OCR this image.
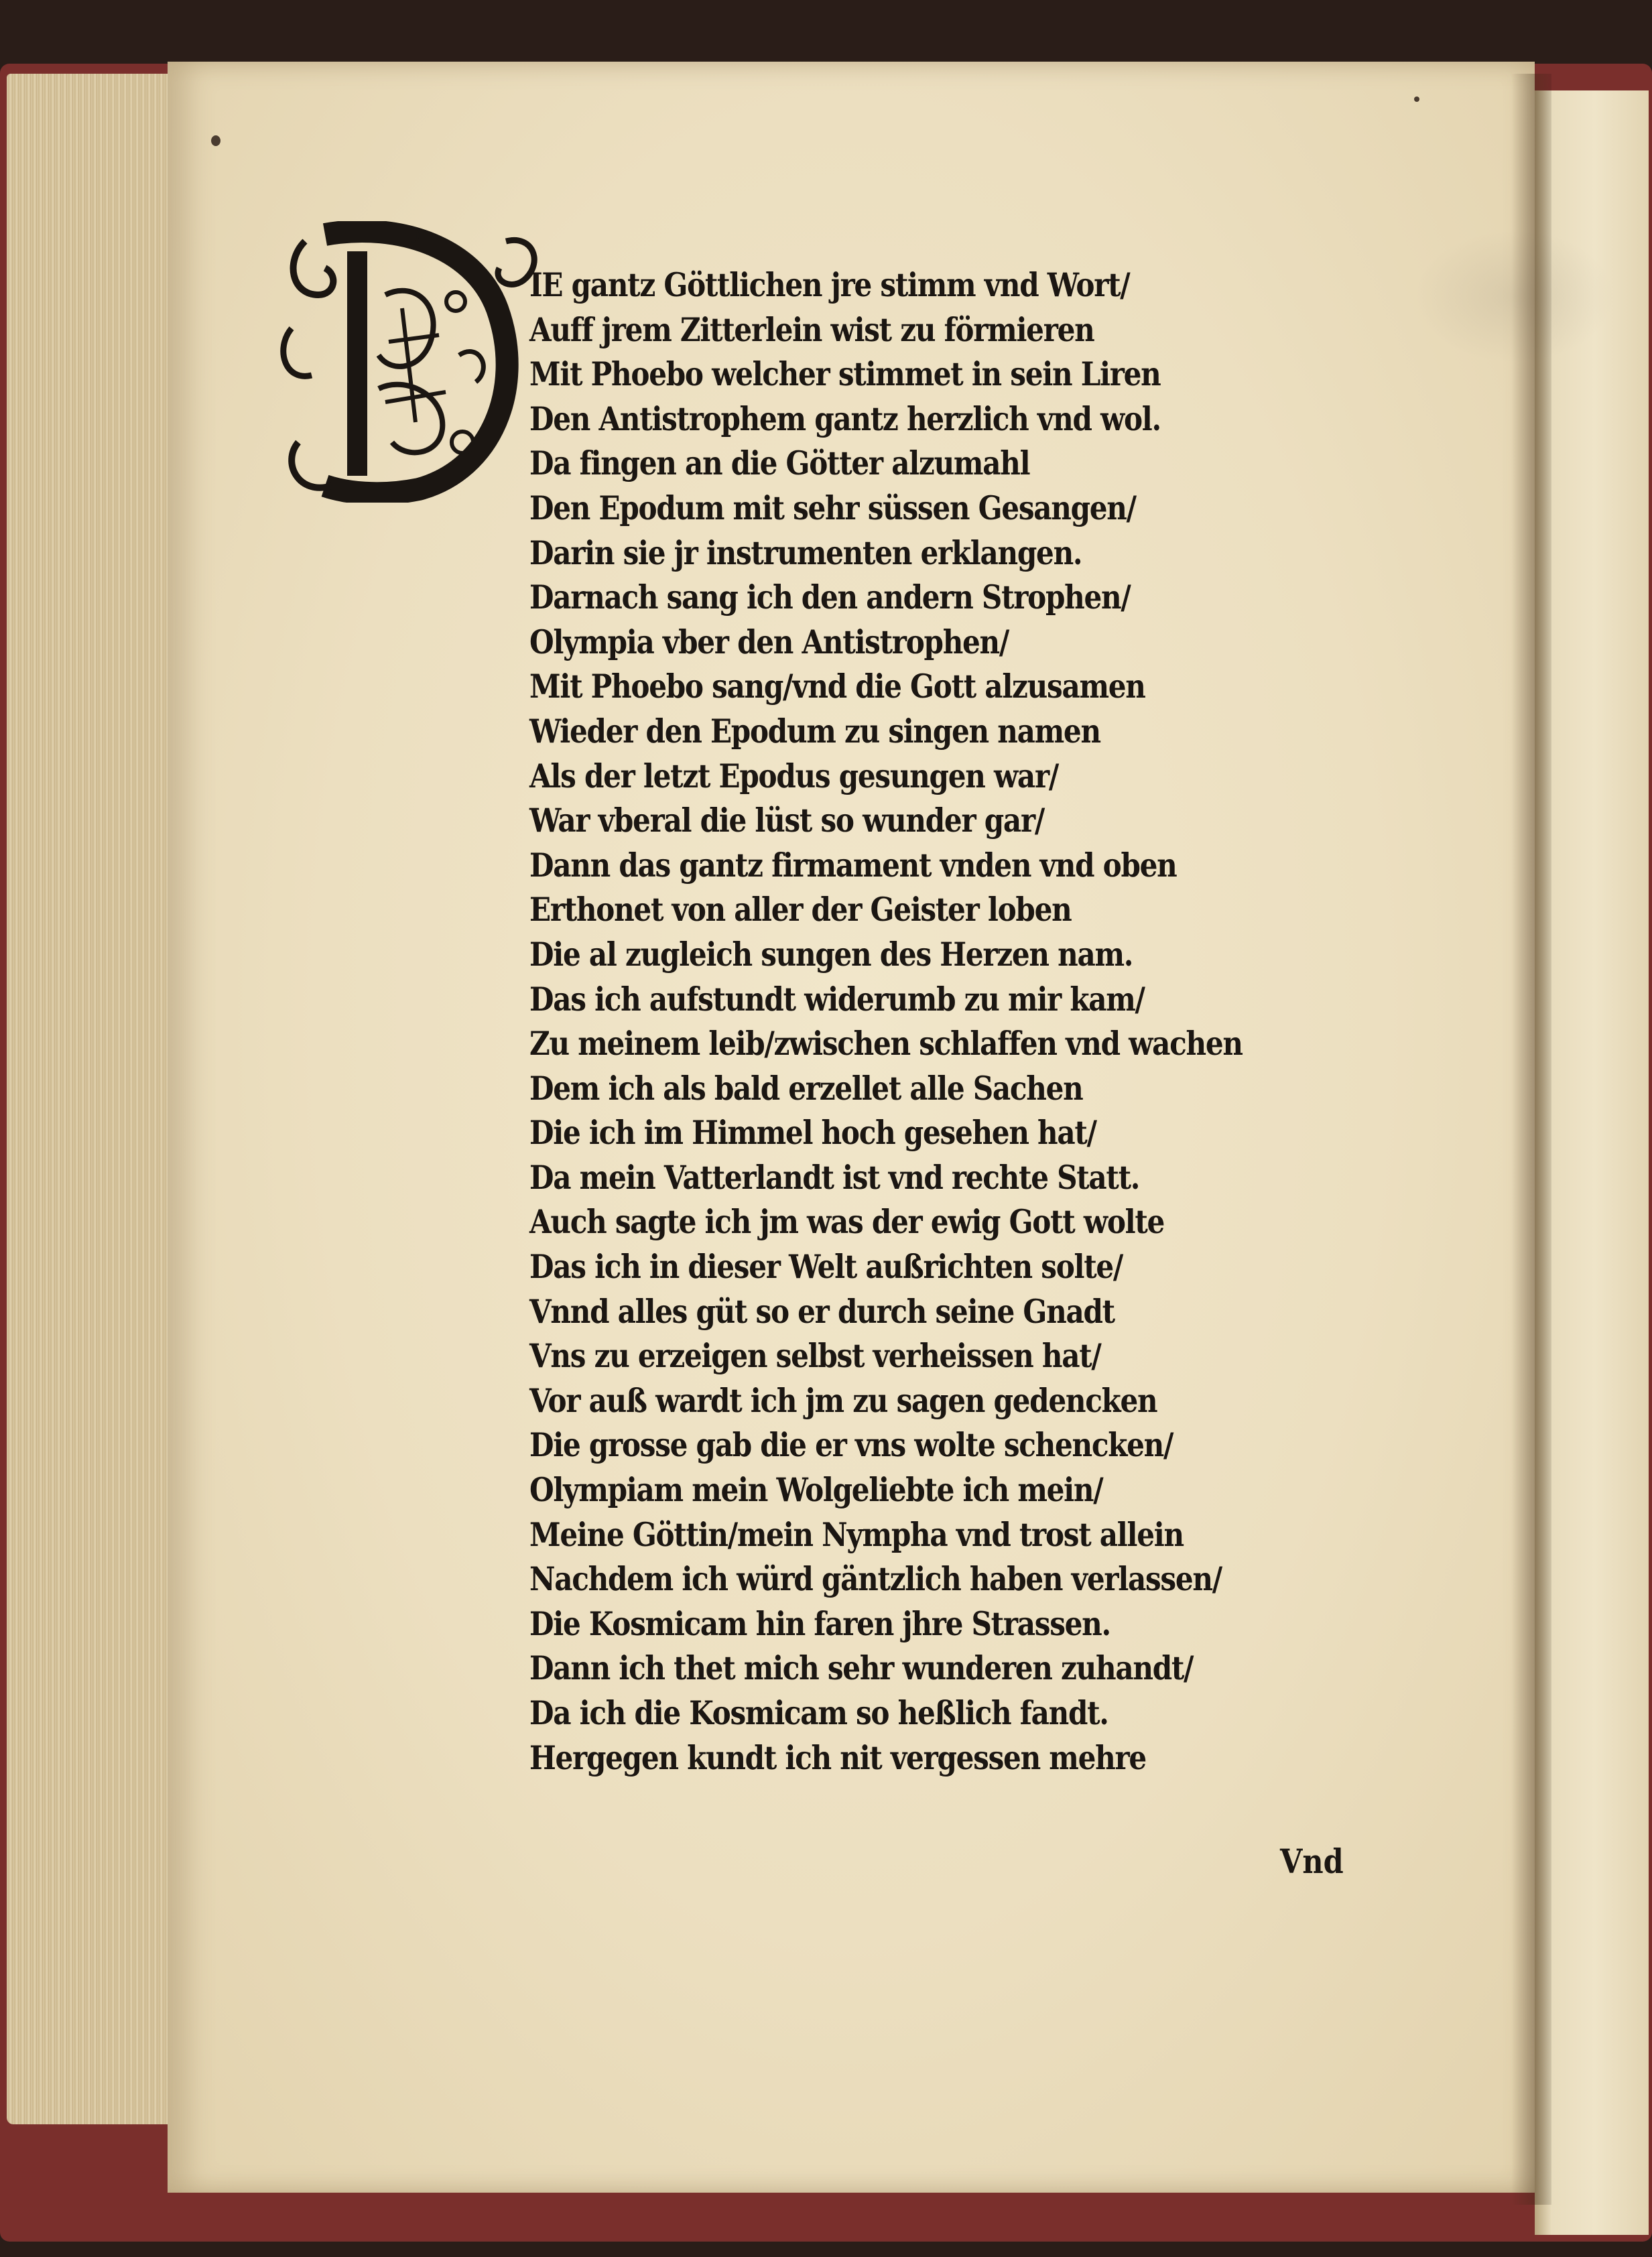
D
IE gantz Göttlichen jre stimm vnd Wort/
Auff jrem Zitterlein wist zu förmieren
Mit Phoebo welcher stimmet in sein Liren
Den Antistrophem gantz herzlich vnd wol.
Da fingen an die Götter alzumahl
Den Epodum mit sehr süssen Gesangen/
Darin sie jr instrumenten erklangen.
Darnach sang ich den andern Strophen/
Olympia vber den Antistrophen/
Mit Phoebo sang/vnd die Gott alzusamen
Wieder den Epodum zu singen namen
Als der letzt Epodus gesungen war/
War vberal die lüst so wunder gar/
Dann das gantz firmament vnden vnd oben
Erthonet von aller der Geister loben
Die al zugleich sungen des Herzen nam.
Das ich aufstundt widerumb zu mir kam/
Zu meinem leib/zwischen schlaffen vnd wachen
Dem ich als bald erzellet alle Sachen
Die ich im Himmel hoch gesehen hat/
Da mein Vatterlandt ist vnd rechte Statt.
Auch sagte ich jm was der ewig Gott wolte
Das ich in dieser Welt außrichten solte/
Vnnd alles güt so er durch seine Gnadt
Vns zu erzeigen selbst verheissen hat/
Vor auß wardt ich jm zu sagen gedencken
Die grosse gab die er vns wolte schencken/
Olympiam mein Wolgeliebte ich mein/
Meine Göttin/mein Nympha vnd trost allein
Nachdem ich würd gäntzlich haben verlassen/
Die Kosmicam hin faren jhre Strassen.
Dann ich thet mich sehr wunderen zuhandt/
Da ich die Kosmicam so heßlich fandt.
Hergegen kundt ich nit vergessen mehre
Vnd
